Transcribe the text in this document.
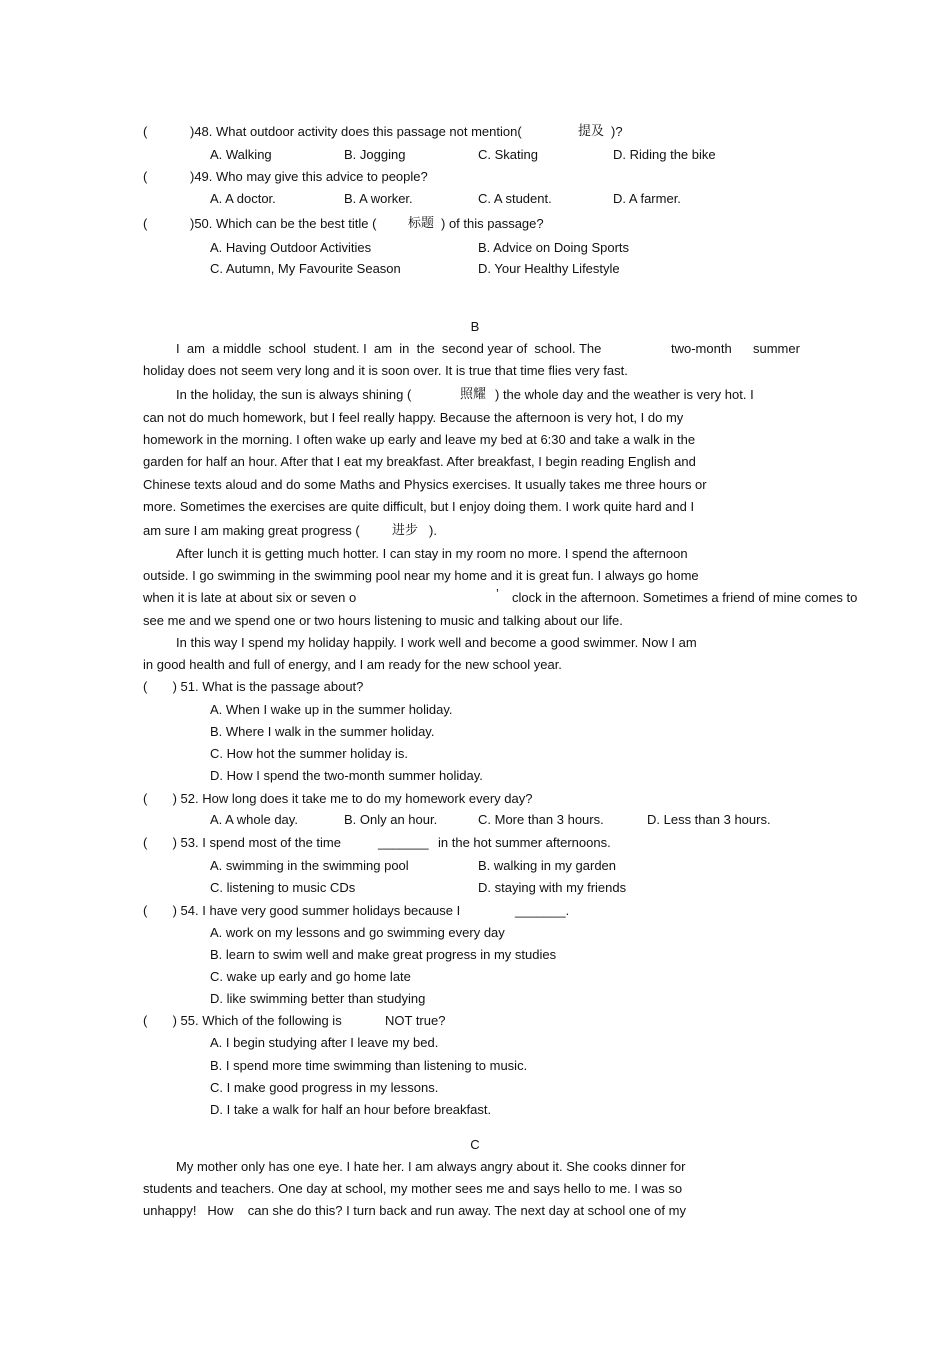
(	)48. What outdoor activity does this passage not mention(	提及 )?
A. Walking	B. Jogging	C. Skating	D. Riding the bike
(	)49. Who may give this advice to people?
A. A doctor.	B. A worker.	C. A student.	D. A farmer.
(	)50. Which can be the best title ( 标题 ) of this passage?
A. Having Outdoor Activities	B. Advice on Doing Sports
C. Autumn, My Favourite Season	D. Your Healthy Lifestyle
B
I  am  a middle  school  student. I  am  in  the  second year of  school. The	two-month summer
holiday does not seem very long and it is soon over. It is true that time flies very fast.
In the holiday, the sun is always shining (	照耀 ) the whole day and the weather is very hot. I
can not do much homework, but I feel really happy. Because the afternoon is very hot, I do my
homework in the morning. I often wake up early and leave my bed at 6:30 and take a walk in the
garden for half an hour. After that I eat my breakfast. After breakfast, I begin reading English and
Chinese texts aloud and do some Maths and Physics exercises. It usually takes me three hours or
more. Sometimes the exercises are quite difficult, but I enjoy doing them. I work quite hard and I
am sure I am making great progress ( 进步 ).
After lunch it is getting much hotter. I can stay in my room no more. I spend the afternoon
outside. I go swimming in the swimming pool near my home and it is great fun. I always go home
when it is late at about six or seven o	’ clock in the afternoon. Sometimes a friend of mine comes to
see me and we spend one or two hours listening to music and talking about our life.
In this way I spend my holiday happily. I work well and become a good swimmer. Now I am
in good health and full of energy, and I am ready for the new school year.
(       ) 51. What is the passage about?
A. When I wake up in the summer holiday.
B. Where I walk in the summer holiday.
C. How hot the summer holiday is.
D. How I spend the two-month summer holiday.
(       ) 52. How long does it take me to do my homework every day?
A. A whole day.	B. Only an hour.	C. More than 3 hours.	D. Less than 3 hours.
(       ) 53. I spend most of the time	_______ in the hot summer afternoons.
A. swimming in the swimming pool	B. walking in my garden
C. listening to music CDs	D. staying with my friends
(       ) 54. I have very good summer holidays because I	_______.
A. work on my lessons and go swimming every day
B. learn to swim well and make great progress in my studies
C. wake up early and go home late
D. like swimming better than studying
(       ) 55. Which of the following is	NOT true?
A. I begin studying after I leave my bed.
B. I spend more time swimming than listening to music.
C. I make good progress in my lessons.
D. I take a walk for half an hour before breakfast.
C
My mother only has one eye. I hate her. I am always angry about it. She cooks dinner for
students and teachers. One day at school, my mother sees me and says hello to me. I was so
unhappy!   How    can she do this? I turn back and run away. The next day at school one of my
